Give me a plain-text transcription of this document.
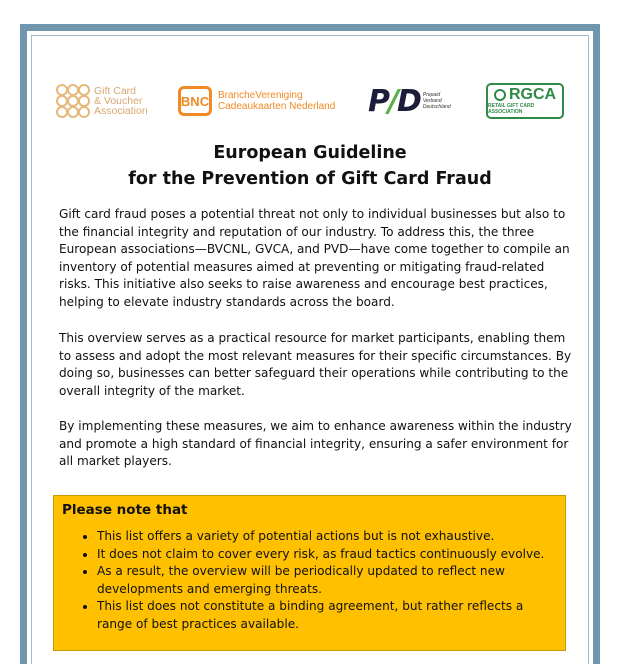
Gift Card
& Voucher
Association
BNC BrancheVereniging
Cadeaukaarten Nederland P/D Prepaid
Verband
Deutschland
RGCA
RETAIL GIFT CARD ASSOCIATION
European Guideline
for the Prevention of Gift Card Fraud

Gift card fraud poses a potential threat not only to individual businesses but also to the financial integrity and reputation of our industry. To address this, the three European associations—BVCNL, GVCA, and PVD—have come together to compile an inventory of potential measures aimed at preventing or mitigating fraud-related risks. This initiative also seeks to raise awareness and encourage best practices, helping to elevate industry standards across the board.

This overview serves as a practical resource for market participants, enabling them to assess and adopt the most relevant measures for their specific circumstances. By doing so, businesses can better safeguard their operations while contributing to the overall integrity of the market.

By implementing these measures, we aim to enhance awareness within the industry and promote a high standard of financial integrity, ensuring a safer environment for all market players.

Please note that
• This list offers a variety of potential actions but is not exhaustive.
• It does not claim to cover every risk, as fraud tactics continuously evolve.
• As a result, the overview will be periodically updated to reflect new developments and emerging threats.
• This list does not constitute a binding agreement, but rather reflects a range of best practices available.
